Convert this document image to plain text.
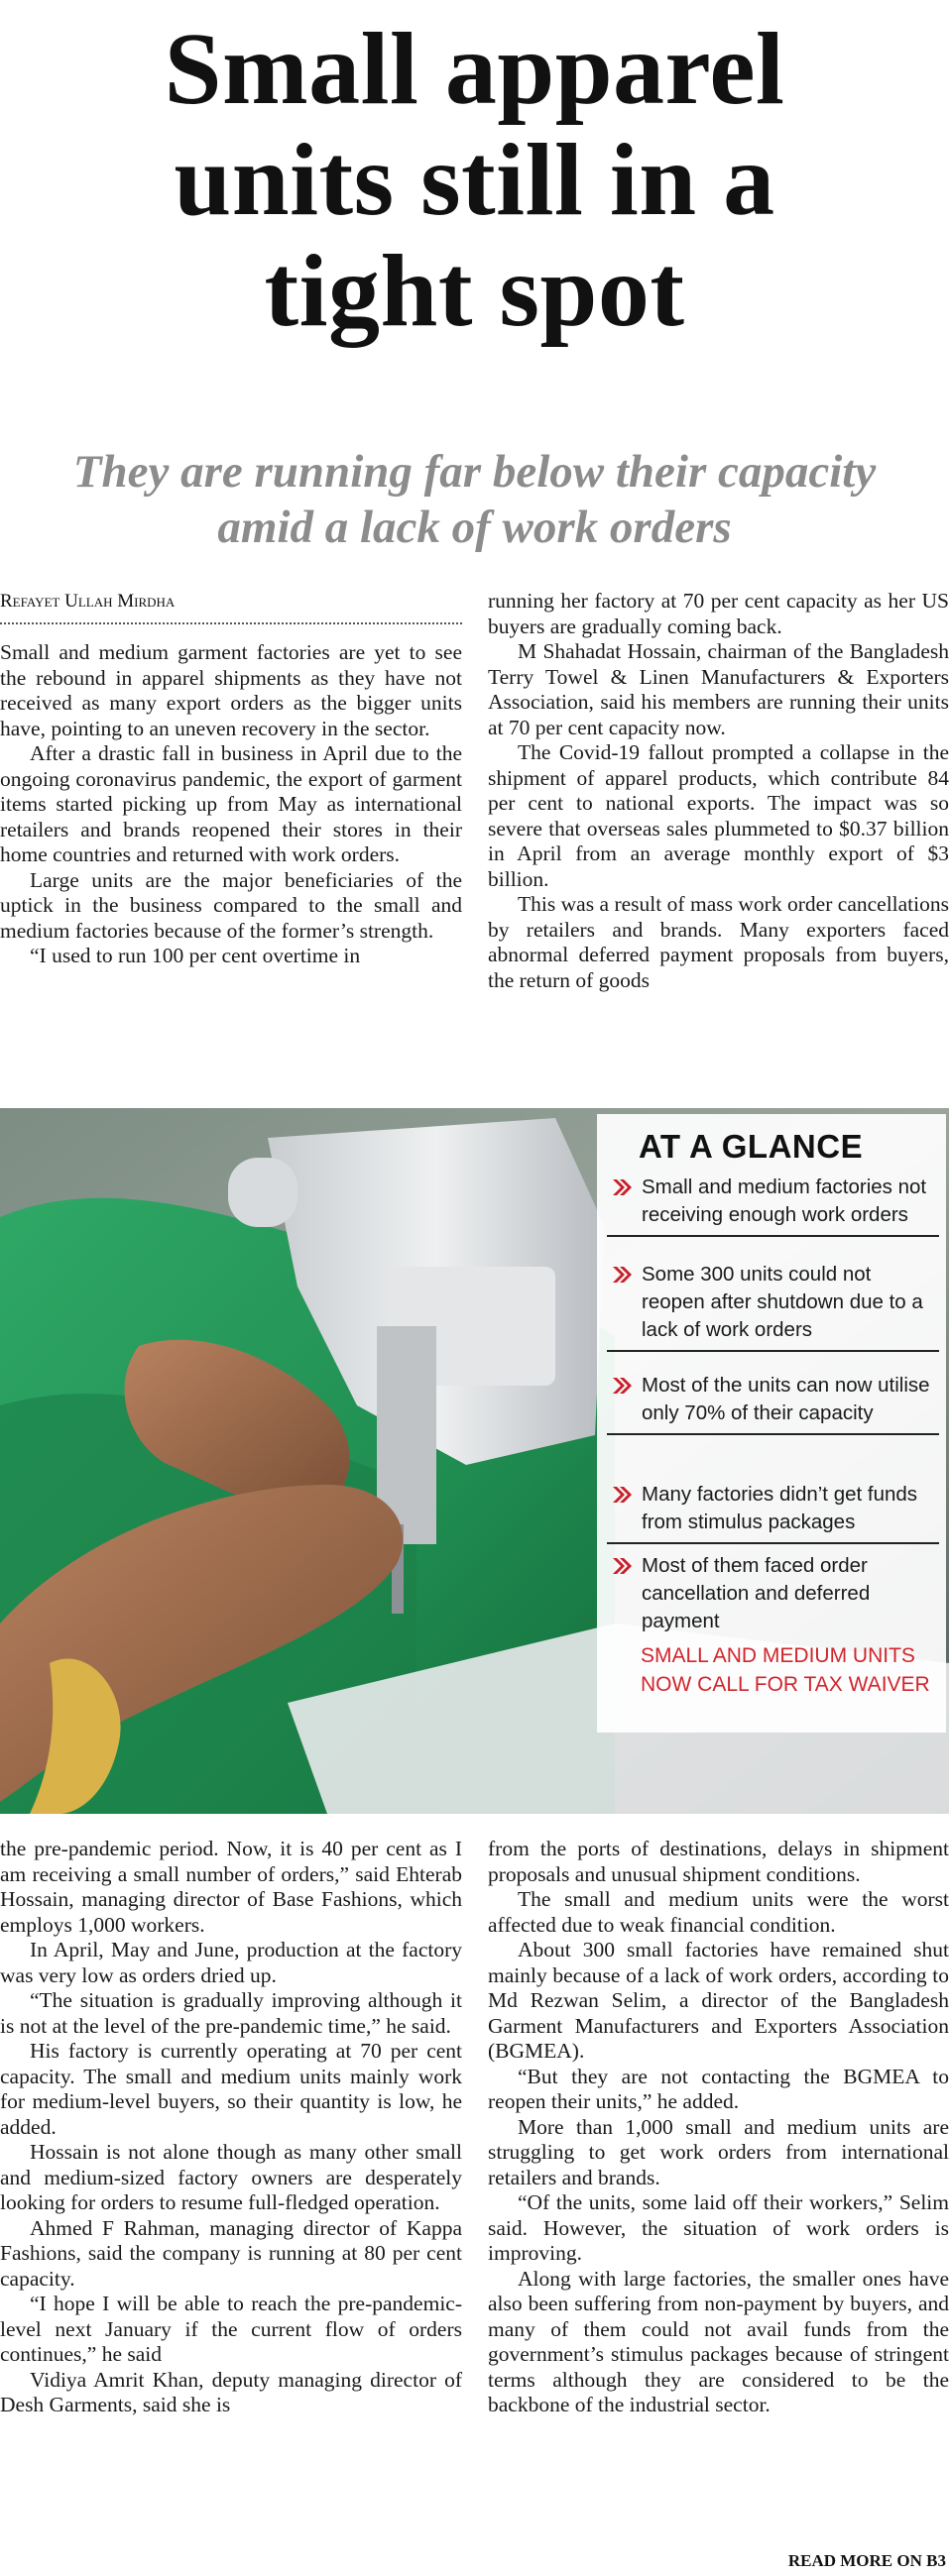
Small apparel
units still in a
tight spot
They are running far below their capacity
amid a lack of work orders
Refayet Ullah Mirdha

Small and medium garment factories are yet to see the rebound in apparel shipments as they have not received as many export orders as the bigger units have, pointing to an uneven recovery in the sector.

After a drastic fall in business in April due to the ongoing coronavirus pandemic, the export of garment items started picking up from May as international retailers and brands reopened their stores in their home countries and returned with work orders.

Large units are the major beneficiaries of the uptick in the business compared to the small and medium factories because of the former’s strength.

“I used to run 100 per cent overtime in

running her factory at 70 per cent capacity as her US buyers are gradually coming back.

M Shahadat Hossain, chairman of the Bangladesh Terry Towel & Linen Manufacturers & Exporters Association, said his members are running their units at 70 per cent capacity now.

The Covid-19 fallout prompted a collapse in the shipment of apparel products, which contribute 84 per cent to national exports. The impact was so severe that overseas sales plummeted to $0.37 billion in April from an average monthly export of $3 billion.

This was a result of mass work order cancellations by retailers and brands. Many exporters faced abnormal deferred payment proposals from buyers, the return of goods

AT A GLANCE
Small and medium factories not receiving enough work orders
Some 300 units could not reopen after shutdown due to a lack of work orders
Most of the units can now utilise only 70% of their capacity
Many factories didn’t get funds from stimulus packages
Most of them faced order cancellation and deferred payment
SMALL AND MEDIUM UNITS
NOW CALL FOR TAX WAIVER

the pre-pandemic period. Now, it is 40 per cent as I am receiving a small number of orders,” said Ehterab Hossain, managing director of Base Fashions, which employs 1,000 workers.

In April, May and June, production at the factory was very low as orders dried up.

“The situation is gradually improving although it is not at the level of the pre-pandemic time,” he said.

His factory is currently operating at 70 per cent capacity. The small and medium units mainly work for medium-level buyers, so their quantity is low, he added.

Hossain is not alone though as many other small and medium-sized factory owners are desperately looking for orders to resume full-fledged operation.

Ahmed F Rahman, managing director of Kappa Fashions, said the company is running at 80 per cent capacity.

“I hope I will be able to reach the pre-pandemic-level next January if the current flow of orders continues,” he said

Vidiya Amrit Khan, deputy managing director of Desh Garments, said she is

from the ports of destinations, delays in shipment proposals and unusual shipment conditions.

The small and medium units were the worst affected due to weak financial condition.

About 300 small factories have remained shut mainly because of a lack of work orders, according to Md Rezwan Selim, a director of the Bangladesh Garment Manufacturers and Exporters Association (BGMEA).

“But they are not contacting the BGMEA to reopen their units,” he added.

More than 1,000 small and medium units are struggling to get work orders from international retailers and brands.

“Of the units, some laid off their workers,” Selim said. However, the situation of work orders is improving.

Along with large factories, the smaller ones have also been suffering from non-payment by buyers, and many of them could not avail funds from the government’s stimulus packages because of stringent terms although they are considered to be the backbone of the industrial sector.

READ MORE ON B3
